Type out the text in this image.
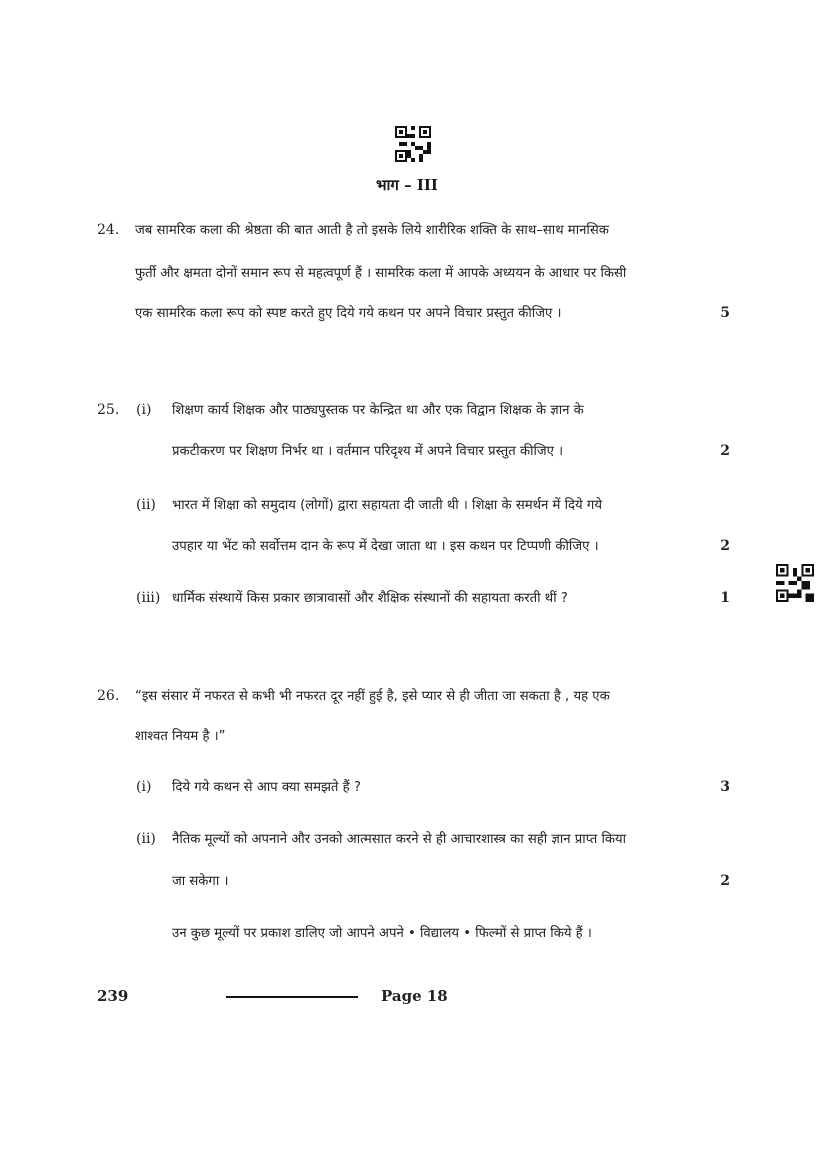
भाग – III
24. जब सामरिक कला की श्रेष्ठता की बात आती है तो इसके लिये शारीरिक शक्ति के साथ–साथ मानसिक
फुर्ती और क्षमता दोनों समान रूप से महत्वपूर्ण हैं । सामरिक कला में आपके अध्ययन के आधार पर किसी
एक सामरिक कला रूप को स्पष्ट करते हुए दिये गये कथन पर अपने विचार प्रस्तुत कीजिए ।	5
25. (i) शिक्षण कार्य शिक्षक और पाठ्यपुस्तक पर केन्द्रित था और एक विद्वान शिक्षक के ज्ञान के
प्रकटीकरण पर शिक्षण निर्भर था । वर्तमान परिदृश्य में अपने विचार प्रस्तुत कीजिए ।	2
(ii) भारत में शिक्षा को समुदाय (लोगों) द्वारा सहायता दी जाती थी । शिक्षा के समर्थन में दिये गये
उपहार या भेंट को सर्वोत्तम दान के रूप में देखा जाता था । इस कथन पर टिप्पणी कीजिए ।	2
(iii) धार्मिक संस्थायें किस प्रकार छात्रावासों और शैक्षिक संस्थानों की सहायता करती थीं ?	1
26. “इस संसार में नफरत से कभी भी नफरत दूर नहीं हुई है, इसे प्यार से ही जीता जा सकता है , यह एक
शाश्वत नियम है ।”
(i) दिये गये कथन से आप क्या समझते हैं ?	3
(ii) नैतिक मूल्यों को अपनाने और उनको आत्मसात करने से ही आचारशास्त्र का सही ज्ञान प्राप्त किया
जा सकेगा ।	2
उन कुछ मूल्यों पर प्रकाश डालिए जो आपने अपने • विद्यालय • फिल्मों से प्राप्त किये हैं ।
239	Page 18
